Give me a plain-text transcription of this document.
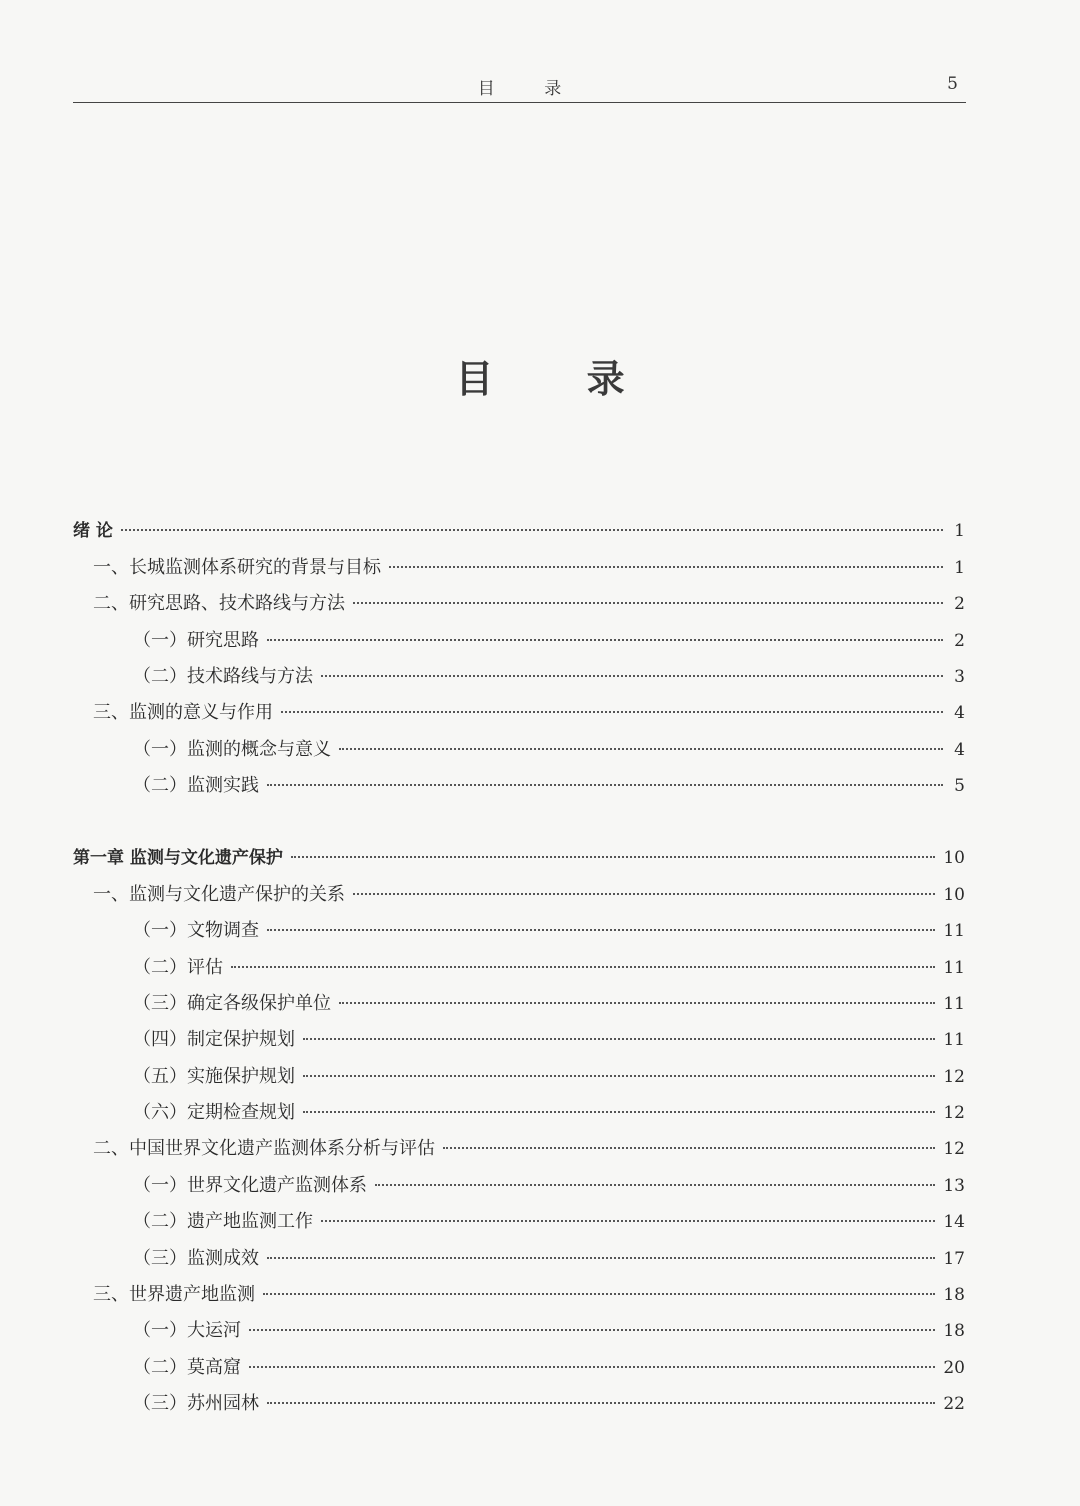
目 录	5
目 录
绪 论	1
一、长城监测体系研究的背景与目标	1
二、研究思路、技术路线与方法	2
（一）研究思路	2
（二）技术路线与方法	3
三、监测的意义与作用	4
（一）监测的概念与意义	4
（二）监测实践	5
第一章 监测与文化遗产保护	10
一、监测与文化遗产保护的关系	10
（一）文物调查	11
（二）评估	11
（三）确定各级保护单位	11
（四）制定保护规划	11
（五）实施保护规划	12
（六）定期检查规划	12
二、中国世界文化遗产监测体系分析与评估	12
（一）世界文化遗产监测体系	13
（二）遗产地监测工作	14
（三）监测成效	17
三、世界遗产地监测	18
（一）大运河	18
（二）莫高窟	20
（三）苏州园林	22
